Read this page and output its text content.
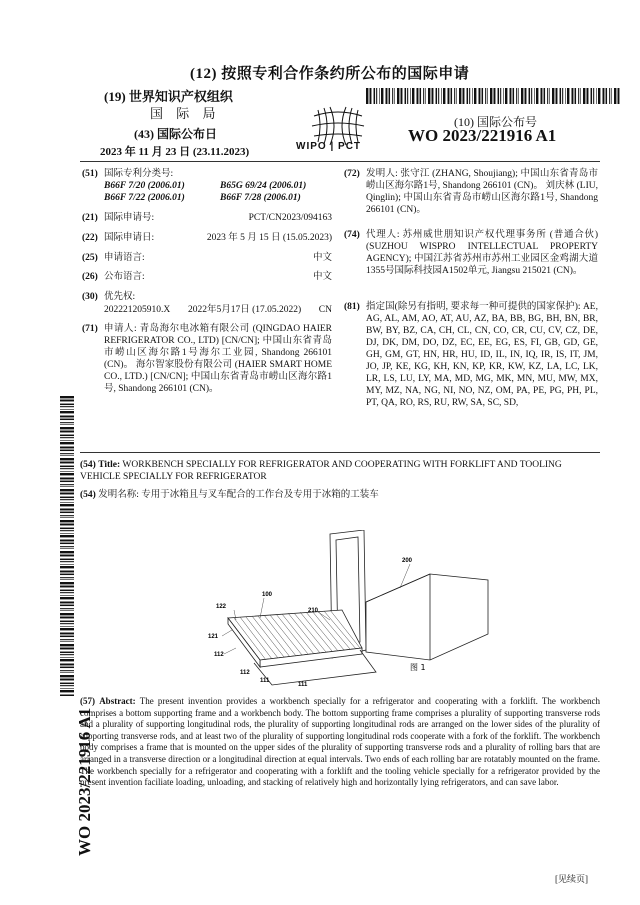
(12) 按照专利合作条约所公布的国际申请
(19) 世界知识产权组织
国 际 局
(43) 国际公布日
2023 年 11 月 23 日 (23.11.2023)	WIPO | PCT
(10) 国际公布号
WO 2023/221916 A1
WO 2023/221916 A1
(51) 国际专利分类号:
B66F 7/20 (2006.01)	B65G 69/24 (2006.01)
B66F 7/22 (2006.01)	B66F 7/28 (2006.01)
(21) 国际申请号:	PCT/CN2023/094163
(22) 国际申请日:	2023 年 5 月 15 日 (15.05.2023)
(25) 申请语言:	中文
(26) 公布语言:	中文
(30) 优先权:
202221205910.X 2022年5月17日 (17.05.2022)	CN
(71) 申请人: 青岛海尔电冰箱有限公司 (QINGDAO HAIER REFRIGERATOR CO., LTD) [CN/CN]; 中国山东省青岛市崂山区海尔路1号海尔工业园, Shandong 266101 (CN)。 海尔智家股份有限公司 (HAIER SMART HOME CO., LTD.) [CN/CN]; 中国山东省青岛市崂山区海尔路1号, Shandong 266101 (CN)。
(72) 发明人: 张守江 (ZHANG, Shoujiang); 中国山东省青岛市崂山区海尔路1号, Shandong 266101 (CN)。 刘庆林 (LIU, Qinglin); 中国山东省青岛市崂山区海尔路1号, Shandong 266101 (CN)。
(74) 代理人: 苏州威世朋知识产权代理事务所 (普通合伙) (SUZHOU WISPRO INTELLECTUAL PROPERTY AGENCY); 中国江苏省苏州市苏州工业园区金鸡湖大道1355号国际科技园A1502单元, Jiangsu 215021 (CN)。
(81) 指定国(除另有指明, 要求每一种可提供的国家保护): AE, AG, AL, AM, AO, AT, AU, AZ, BA, BB, BG, BH, BN, BR, BW, BY, BZ, CA, CH, CL, CN, CO, CR, CU, CV, CZ, DE, DJ, DK, DM, DO, DZ, EC, EE, EG, ES, FI, GB, GD, GE, GH, GM, GT, HN, HR, HU, ID, IL, IN, IQ, IR, IS, IT, JM, JO, JP, KE, KG, KH, KN, KP, KR, KW, KZ, LA, LC, LK, LR, LS, LU, LY, MA, MD, MG, MK, MN, MU, MW, MX, MY, MZ, NA, NG, NI, NO, NZ, OM, PA, PE, PG, PH, PL, PT, QA, RO, RS, RU, RW, SA, SC, SD,
(54) Title: WORKBENCH SPECIALLY FOR REFRIGERATOR AND COOPERATING WITH FORKLIFT AND TOOLING VEHICLE SPECIALLY FOR REFRIGERATOR
(54) 发明名称: 专用于冰箱且与叉车配合的工作台及专用于冰箱的工装车
200
100
210
122
121
112
111
112
111
图 1
(57) Abstract: The present invention provides a workbench specially for a refrigerator and cooperating with a forklift. The workbench comprises a bottom supporting frame and a workbench body. The bottom supporting frame comprises a plurality of supporting transverse rods and a plurality of supporting longitudinal rods, the plurality of supporting longitudinal rods are arranged on the lower sides of the plurality of supporting transverse rods, and at least two of the plurality of supporting longitudinal rods cooperate with a fork of the forklift. The workbench body comprises a frame that is mounted on the upper sides of the plurality of supporting transverse rods and a plurality of rolling bars that are arranged in a transverse direction or a longitudinal direction at equal intervals. Two ends of each rolling bar are rotatably mounted on the frame. The workbench specially for a refrigerator and cooperating with a forklift and the tooling vehicle specially for a refrigerator provided by the present invention faciliate loading, unloading, and stacking of relatively high and horizontally lying refrigerators, and can save labor.
[见续页]
